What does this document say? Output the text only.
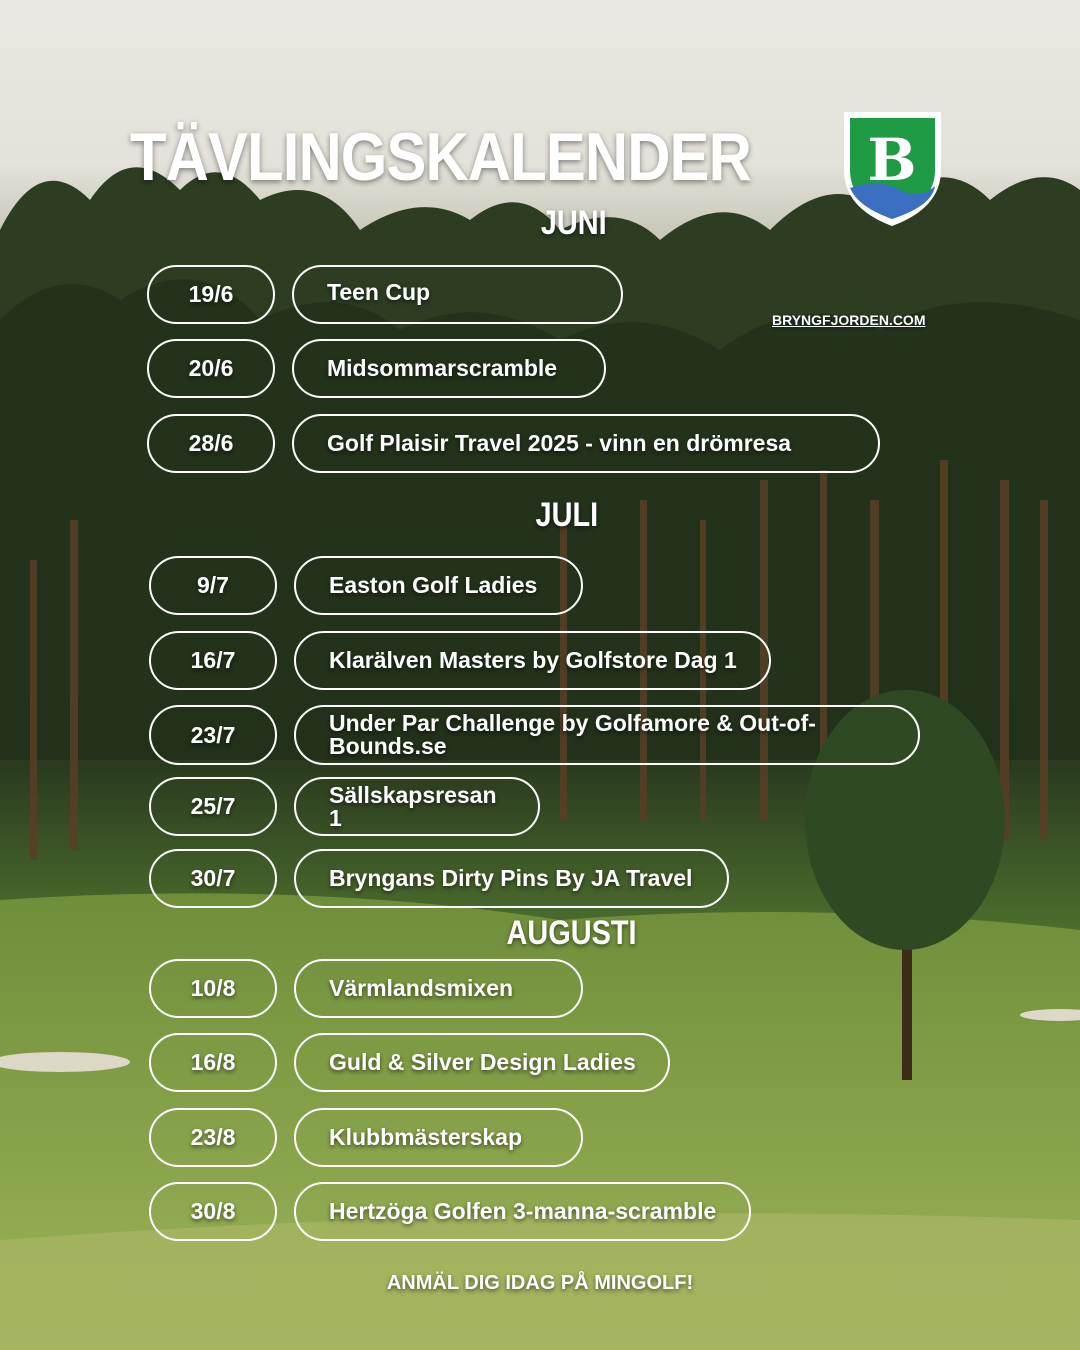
TÄVLINGSKALENDER B
BRYNGFJORDEN.COM
JUNI
JULI
AUGUSTI
19/6	Teen Cup
20/6	Midsommarscramble
28/6	Golf Plaisir Travel 2025 - vinn en drömresa
9/7	Easton Golf Ladies
16/7	Klarälven Masters by Golfstore Dag 1
23/7	Under Par Challenge by Golfamore & Out-of-Bounds.se
25/7	Sällskapsresan 1
30/7	Bryngans Dirty Pins By JA Travel
10/8	Värmlandsmixen
16/8	Guld & Silver Design Ladies
23/8	Klubbmästerskap
30/8	Hertzöga Golfen 3-manna-scramble
ANMÄL DIG IDAG PÅ MINGOLF!
